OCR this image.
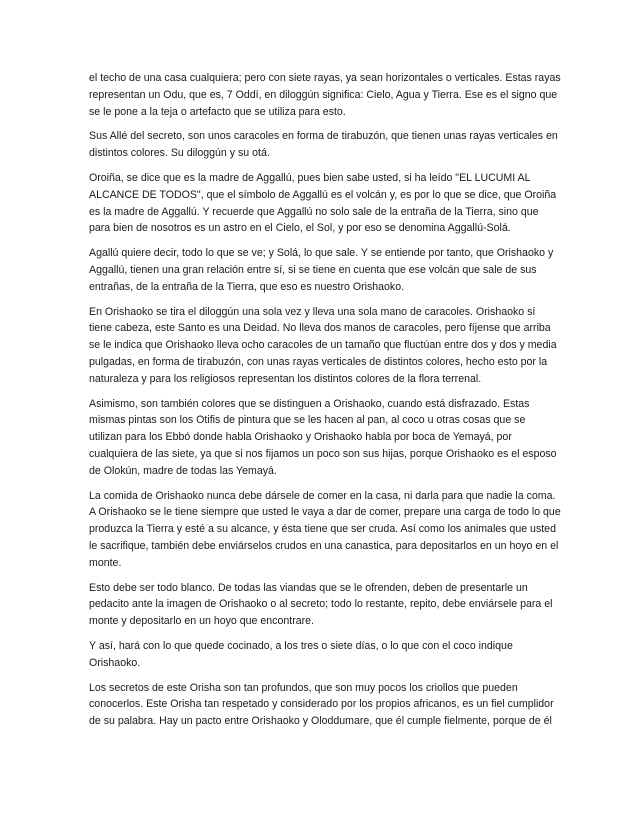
el techo de una casa cualquiera; pero con siete rayas, ya sean horizontales o verticales. Estas rayas representan un Odu, que es, 7 Oddí, en diloggún significa: Cielo, Agua y Tierra. Ese es el signo que se le pone a la teja o artefacto que se utiliza para esto.

Sus Allé del secreto, son unos caracoles en forma de tirabuzón, que tienen unas rayas verticales en distintos colores. Su diloggún y su otá.

Oroiña, se dice que es la madre de Aggallú, pues bien sabe usted, si ha leído "EL LUCUMI AL ALCANCE DE TODOS", que el símbolo de Aggallú es el volcán y, es por lo que se dice, que Oroiña es la madre de Aggallú. Y recuerde que Aggallú no solo sale de la entraña de la Tierra, sino que para bien de nosotros es un astro en el Cielo, el Sol, y por eso se denomina Aggallú-Solá.

Agallú quiere decir, todo lo que se ve; y Solá, lo que sale. Y se entiende por tanto, que Orishaoko y Aggallú, tienen una gran relación entre sí, si se tiene en cuenta que ese volcán que sale de sus entrañas, de la entraña de la Tierra, que eso es nuestro Orishaoko.

En Orishaoko se tira el diloggún una sola vez y lleva una sola mano de caracoles. Orishaoko sí tiene cabeza, este Santo es una Deidad. No lleva dos manos de caracoles, pero fíjense que arriba se le indica que Orishaoko lleva ocho caracoles de un tamaño que fluctúan entre dos y dos y media pulgadas, en forma de tirabuzón, con unas rayas verticales de distintos colores, hecho esto por la naturaleza y para los religiosos representan los distintos colores de la flora terrenal.

Asimismo, son también colores que se distinguen a Orishaoko, cuando está disfrazado. Estas mismas pintas son los Otifis de pintura que se les hacen al pan, al coco u otras cosas que se utilizan para los Ebbó donde habla Orishaoko y Orishaoko habla por boca de Yemayá, por cualquiera de las siete, ya que si nos fijamos un poco son sus hijas, porque Orishaoko es el esposo de Olokún, madre de todas las Yemayá.

La comida de Orishaoko nunca debe dársele de comer en la casa, ni darla para que nadie la coma. A Orishaoko se le tiene siempre que usted le vaya a dar de comer, prepare una carga de todo lo que produzca la Tierra y esté a su alcance, y ésta tiene que ser cruda. Así como los animales que usted le sacrifique, también debe enviárselos crudos en una canastica, para depositarlos en un hoyo en el monte.

Esto debe ser todo blanco. De todas las viandas que se le ofrenden, deben de presentarle un pedacito ante la imagen de Orishaoko o al secreto; todo lo restante, repito, debe enviársele para el monte y depositarlo en un hoyo que encontrare.

Y así, hará con lo que quede cocinado, a los tres o siete días, o lo que con el coco indique Orishaoko.

Los secretos de este Orisha son tan profundos, que son muy pocos los criollos que pueden conocerlos. Este Orisha tan respetado y considerado por los propios africanos, es un fiel cumplidor de su palabra. Hay un pacto entre Orishaoko y Oloddumare, que él cumple fielmente, porque de él
